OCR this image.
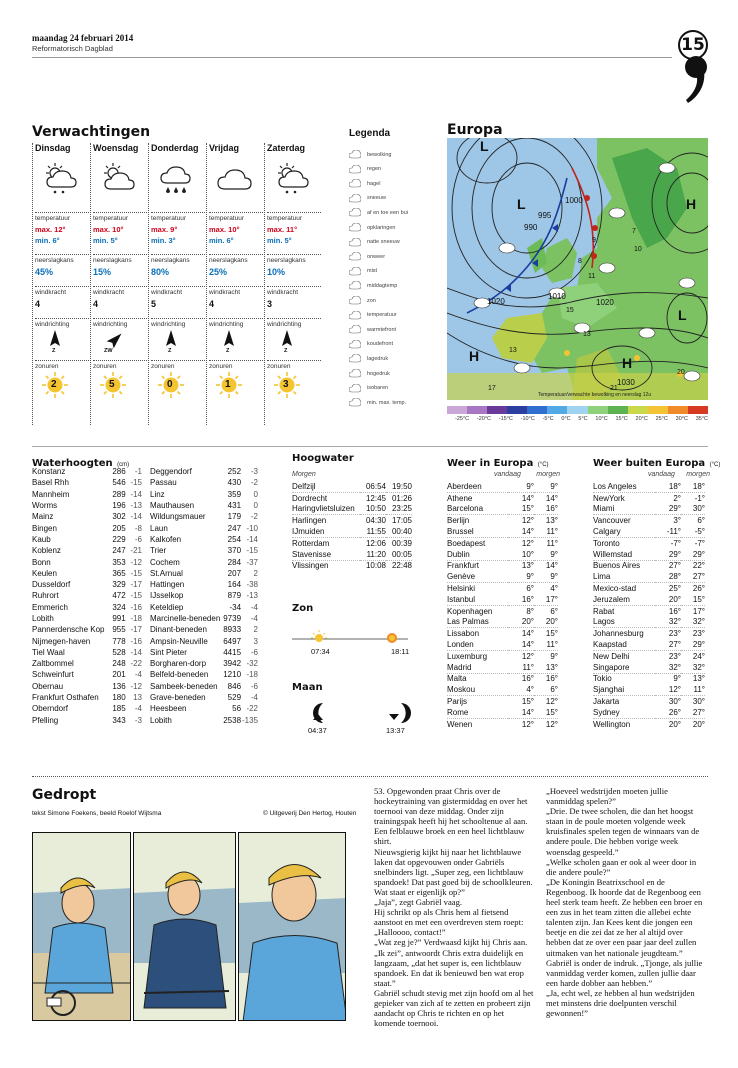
maandag 24 februari 2014
Reformatorisch Dagblad	15
Verwachtingen
Dinsdag
temperatuur
max. 12°
min. 6°
neerslagkans
45%
windkracht
4
windrichting
Z
zonuren
2
Woensdag
temperatuur
max. 10°
min. 5°
neerslagkans
15%
windkracht
4
windrichting
ZW
zonuren
5
Donderdag
temperatuur
max. 9°
min. 3°
neerslagkans
80%
windkracht
5
windrichting
Z
zonuren
0
Vrijdag
temperatuur
max. 10°
min. 6°
neerslagkans
25%
windkracht
4
windrichting
Z
zonuren
1
Zaterdag
temperatuur
max. 11°
min. 5°
neerslagkans
10%
windkracht
3
windrichting
Z
zonuren
3
Legenda
bewolking
regen
hagel
sneeuw
af en toe een bui
opklaringen
natte sneeuw
onweer
mist
middagtemp
zon
temperatuur
warmtefront
koudefront
lagedruk
hogedruk
isobaren
min. max. temp.
Europa
L
L	H
H	H
L
990
995
1000
1010
1020	1020
1030
8
9
11
13
13
15
17
20
21
7
10
Temperatuur/verwachte bewolking en neerslag 12u
-25°C -20°C -15°C -10°C -5°C 0°C 5°C 10°C 15°C 20°C 25°C 30°C 35°C
Waterhoogten (cm)
Konstanz	286	-1
Basel Rhh	546	-15
Mannheim	289	-14
Worms	196	-13
Mainz	302	-14
Bingen	205	-8
Kaub	229	-6
Koblenz	247	-21
Bonn	353	-12
Keulen	365	-15
Dusseldorf	329	-17
Ruhrort	472	-15
Emmerich	324	-16
Lobith	991	-18
Pannerdensche Kop	955	-17
Nijmegen-haven	778	-16
Tiel Waal	528	-14
Zaltbommel	248	-22
Schweinfurt	201	-4
Obernau	136	-12
Frankfurt Osthafen	180	13
Oberndorf	185	-4
Pfelling	343	-3
Deggendorf	252	-3
Passau	430	-2
Linz	359	0
Mauthausen	431	0
Wildungsmauer	179	-2
Laun	247	-10
Kalkofen	254	-14
Trier	370	-15
Cochem	284	-37
St.Arnual	207	2
Hattingen	164	-38
IJsselkop	879	-13
Keteldiep	-34	-4
Marcinelle-beneden	9739	-4
Dinant-beneden	8933	2
Ampsin-Neuville	6497	3
Sint Pieter	4415	-6
Borgharen-dorp	3942	-32
Belfeld-beneden	1210	-18
Sambeek-beneden	846	-6
Grave-beneden	529	-4
Heesbeen	56	-22
Lobith	2538	-135
Hoogwater
Morgen
Delfzijl	06:54	19:50
Dordrecht	12:45	01:26
Haringvlietsluizen	10:50	23:25
Harlingen	04:30	17:05
IJmuiden	11:55	00:40
Rotterdam	12:06	00:39
Stavenisse	11:20	00:05
Vlissingen	10:08	22:48
Zon
07:34	18:11
Maan
04:37	13:37
Weer in Europa (°C)
vandaag morgen
Aberdeen	9°	9°
Athene	14°	14°
Barcelona	15°	16°
Berlijn	12°	13°
Brussel	14°	11°
Boedapest	12°	11°
Dublin	10°	9°
Frankfurt	13°	14°
Genève	9°	9°
Helsinki	6°	4°
Istanbul	16°	17°
Kopenhagen	8°	6°
Las Palmas	20°	20°
Lissabon	14°	15°
Londen	14°	11°
Luxemburg	12°	9°
Madrid	11°	13°
Malta	16°	16°
Moskou	4°	6°
Parijs	15°	12°
Rome	14°	15°
Wenen	12°	12°
Weer buiten Europa (°C)
vandaag morgen
Los Angeles	18°	18°
NewYork	2°	-1°
Miami	29°	30°
Vancouver	3°	6°
Calgary	-11°	-5°
Toronto	-7°	-7°
Willemstad	29°	29°
Buenos Aires	27°	22°
Lima	28°	27°
Mexico-stad	25°	26°
Jeruzalem	20°	15°
Rabat	16°	17°
Lagos	32°	32°
Johannesburg	23°	23°
Kaapstad	27°	29°
New Delhi	23°	24°
Singapore	32°	32°
Tokio	9°	13°
Sjanghai	12°	11°
Jakarta	30°	30°
Sydney	26°	27°
Wellington	20°	20°
Gedropt
tekst Simone Foekens, beeld Roelof Wijtsma	© Uitgeverij Den Hertog, Houten
53. Opgewonden praat Chris over de hockeytraining van gistermiddag en over het toernooi van deze middag. Onder zijn trainingspak heeft hij het schooltenue al aan. Een felblauwe broek en een heel lichtblauw shirt.
Nieuwsgierig kijkt hij naar het lichtblauwe laken dat opgevouwen onder Gabriëls snelbinders ligt. „Super zeg, een lichtblauw spandoek! Dat past goed bij de schoolkleuren. Wat staat er eigenlijk op?”
„Jaja”, zegt Gabriël vaag.
Hij schrikt op als Chris hem al fietsend aanstoot en met een overdreven stem roept: „Halloooo, contact!”
„Wat zeg je?” Verdwaasd kijkt hij Chris aan.
„Ik zei”, antwoordt Chris extra duidelijk en langzaam, „dat het super is, een lichtblauw spandoek. En dat ik benieuwd ben wat erop staat.”
Gabriël schudt stevig met zijn hoofd om al het gepieker van zich af te zetten en probeert zijn aandacht op Chris te richten en op het komende toernooi.
„Hoeveel wedstrijden moeten jullie vanmiddag spelen?”
„Drie. De twee scholen, die dan het hoogst staan in de poule moeten volgende week kruisfinales spelen tegen de winnaars van de andere poule. Die hebben vorige week woensdag gespeeld.”
„Welke scholen gaan er ook al weer door in die andere poule?”
„De Koningin Beatrixschool en de Regenboog. Ik hoorde dat de Regenboog een heel sterk team heeft. Ze hebben een broer en een zus in het team zitten die allebei echte talenten zijn. Jan Kees kent die jongen een beetje en die zei dat ze her al altijd over hebben dat ze over een paar jaar deel zullen uitmaken van het nationale jeugdteam.”
Gabriël is onder de indruk. „Tjonge, als jullie vanmiddag verder komen, zullen jullie daar een harde dobber aan hebben.”
„Ja, echt wel, ze hebben al hun wedstrijden met minstens drie doelpunten verschil gewonnen!”
